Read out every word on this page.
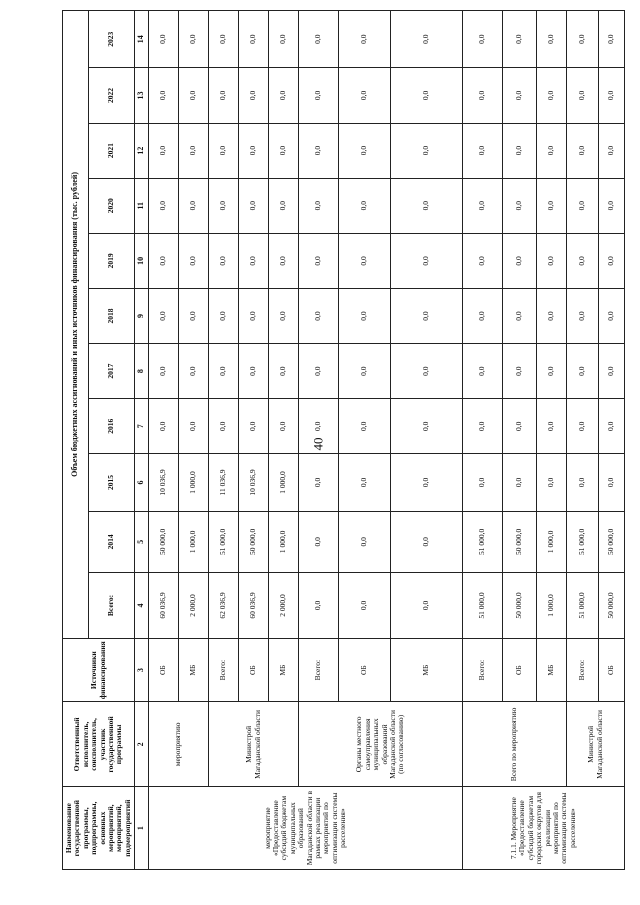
40
Наименование государственной программы, подпрограммы, основных мероприятий, мероприятий, подмероприятий	Ответственный исполнитель, соисполнитель, участник государственной программы	Источники финансирования	Объем бюджетных ассигнований и иных источников финансирования (тыс. рублей)										
			Всего:	2014	2015	2016	2017	2018	2019	2020	2021	2022	2023
1	2	3	4	5	6	7	8	9	10	11	12	13	14
мероприятие «Предоставление субсидий бюджетам муниципальных образований Магаданской области в рамках реализации мероприятий по оптимизации системы расселения»	мероприятию	ОБ	60 036,9	50 000,0	10 036,9	0,0	0,0	0,0	0,0	0,0	0,0	0,0	0,0
		МБ	2 000,0	1 000,0	1 000,0	0,0	0,0	0,0	0,0	0,0	0,0	0,0	0,0
	Министрой Магаданской области	Всего:	62 036,9	51 000,0	11 036,9	0,0	0,0	0,0	0,0	0,0	0,0	0,0	0,0
		ОБ	60 036,9	50 000,0	10 036,9	0,0	0,0	0,0	0,0	0,0	0,0	0,0	0,0
		МБ	2 000,0	1 000,0	1 000,0	0,0	0,0	0,0	0,0	0,0	0,0	0,0	0,0
	Органы местного самоуправления муниципальных образований Магаданской области (по согласованию)	Всего:	0,0	0,0	0,0	0,0	0,0	0,0	0,0	0,0	0,0	0,0	0,0
		ОБ	0,0	0,0	0,0	0,0	0,0	0,0	0,0	0,0	0,0	0,0	0,0
		МБ	0,0	0,0	0,0	0,0	0,0	0,0	0,0	0,0	0,0	0,0	0,0
7.1.1. Мероприятие «Предоставление субсидий бюджетам городских округов для реализации мероприятий по оптимизации системы расселения»	Всего по мероприятию	Всего:	51 000,0	51 000,0	0,0	0,0	0,0	0,0	0,0	0,0	0,0	0,0	0,0
		ОБ	50 000,0	50 000,0	0,0	0,0	0,0	0,0	0,0	0,0	0,0	0,0	0,0
		МБ	1 000,0	1 000,0	0,0	0,0	0,0	0,0	0,0	0,0	0,0	0,0	0,0
	Министрой Магаданской области	Всего:	51 000,0	51 000,0	0,0	0,0	0,0	0,0	0,0	0,0	0,0	0,0	0,0
		ОБ	50 000,0	50 000,0	0,0	0,0	0,0	0,0	0,0	0,0	0,0	0,0	0,0
